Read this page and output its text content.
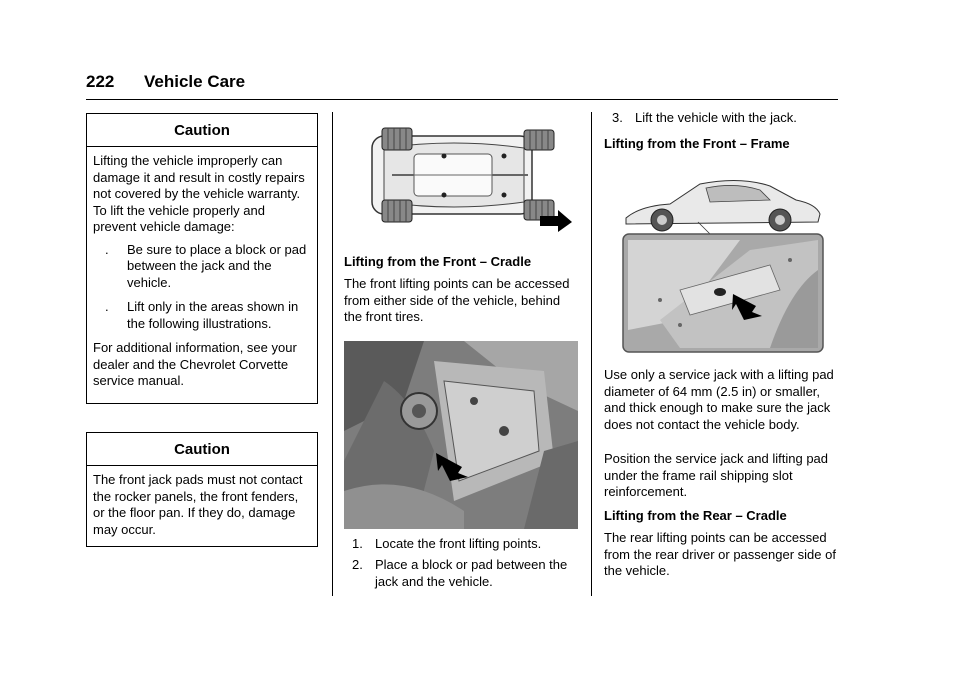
222 Vehicle Care
Caution

Lifting the vehicle improperly can damage it and result in costly repairs not covered by the vehicle warranty. To lift the vehicle properly and prevent vehicle damage:

. Be sure to place a block or pad between the jack and the vehicle.
. Lift only in the areas shown in the following illustrations.

For additional information, see your dealer and the Chevrolet Corvette service manual.

Caution

The front jack pads must not contact the rocker panels, the front fenders, or the floor pan. If they do, damage may occur.

Lifting from the Front – Cradle
The front lifting points can be accessed from either side of the vehicle, behind the front tires.
1. Locate the front lifting points.
2. Place a block or pad between the jack and the vehicle.
3. Lift the vehicle with the jack.
Lifting from the Front – Frame
Use only a service jack with a lifting pad diameter of 64 mm (2.5 in) or smaller, and thick enough to make sure the jack does not contact the vehicle body.
Position the service jack and lifting pad under the frame rail shipping slot reinforcement.
Lifting from the Rear – Cradle
The rear lifting points can be accessed from the rear driver or passenger side of the vehicle.
